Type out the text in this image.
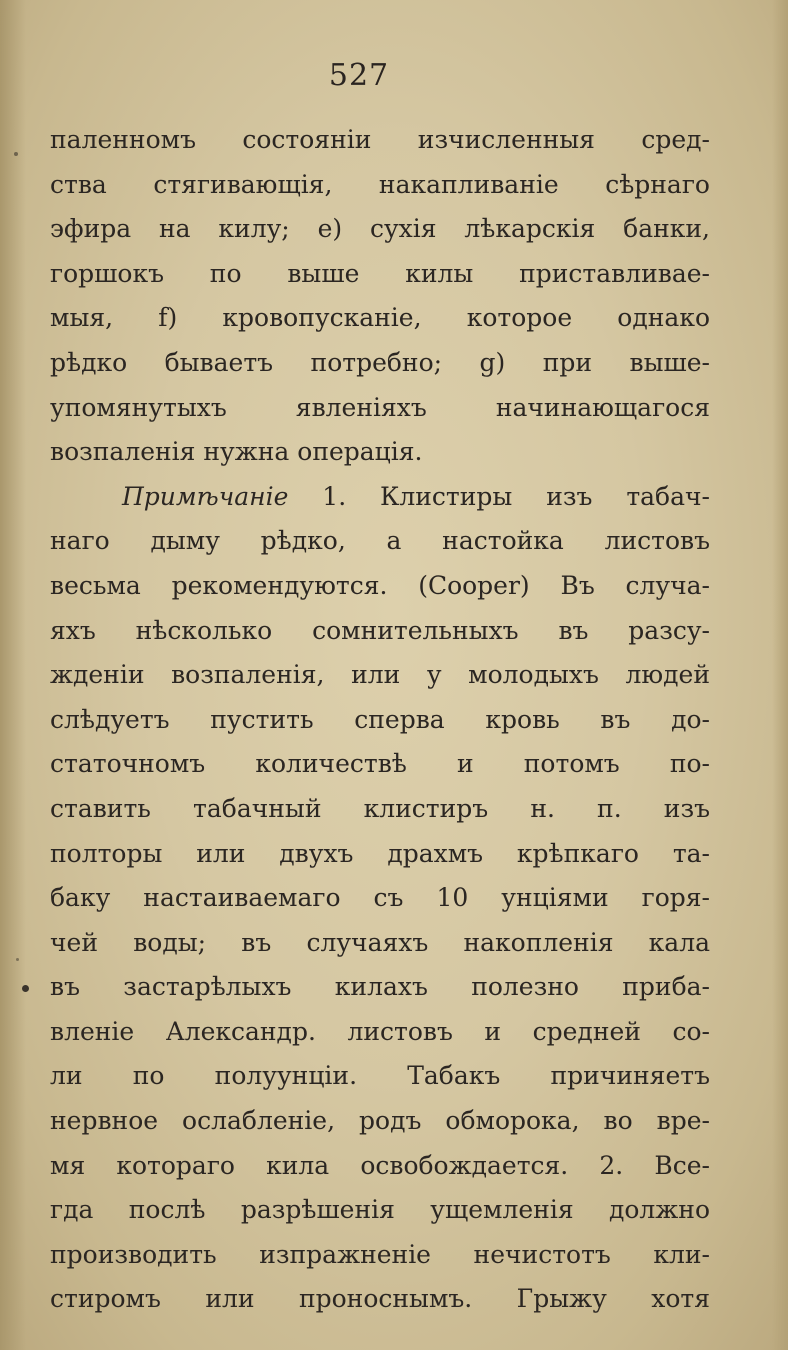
527
паленномъ состояніи изчисленныя сред-
ства стягивающія, накапливаніе сѣрнаго
эфира на килу; e) сухія лѣкарскія банки,
горшокъ по выше килы приставливае-
мыя, f) кровопусканіе, которое однако
рѣдко бываетъ потребно; g) при выше-
упомянутыхъ явленіяхъ начинающагося
возпаленія нужна операція.
Примѣчаніе 1. Клистиры изъ табач-
наго дыму рѣдко, а настойка листовъ
весьма рекомендуются. (Cooper) Въ случа-
яхъ нѣсколько сомнительныхъ въ разсу-
жденіи возпаленія, или у молодыхъ людей
слѣдуетъ пустить сперва кровь въ до-
статочномъ количествѣ и потомъ по-
ставить табачный клистиръ н. п. изъ
полторы или двухъ драхмъ крѣпкаго та-
баку настаиваемаго съ 10 унціями горя-
чей воды; въ случаяхъ накопленія кала
въ застарѣлыхъ килахъ полезно приба-
вленіе Александр. листовъ и средней со-
ли по полуунціи. Табакъ причиняетъ
нервное ослабленіе, родъ обморока, во вре-
мя котораго кила освобождается. 2. Все-
гда послѣ разрѣшенія ущемленія должно
производить изпражненіе нечистотъ кли-
стиромъ или проноснымъ. Грыжу хотя
